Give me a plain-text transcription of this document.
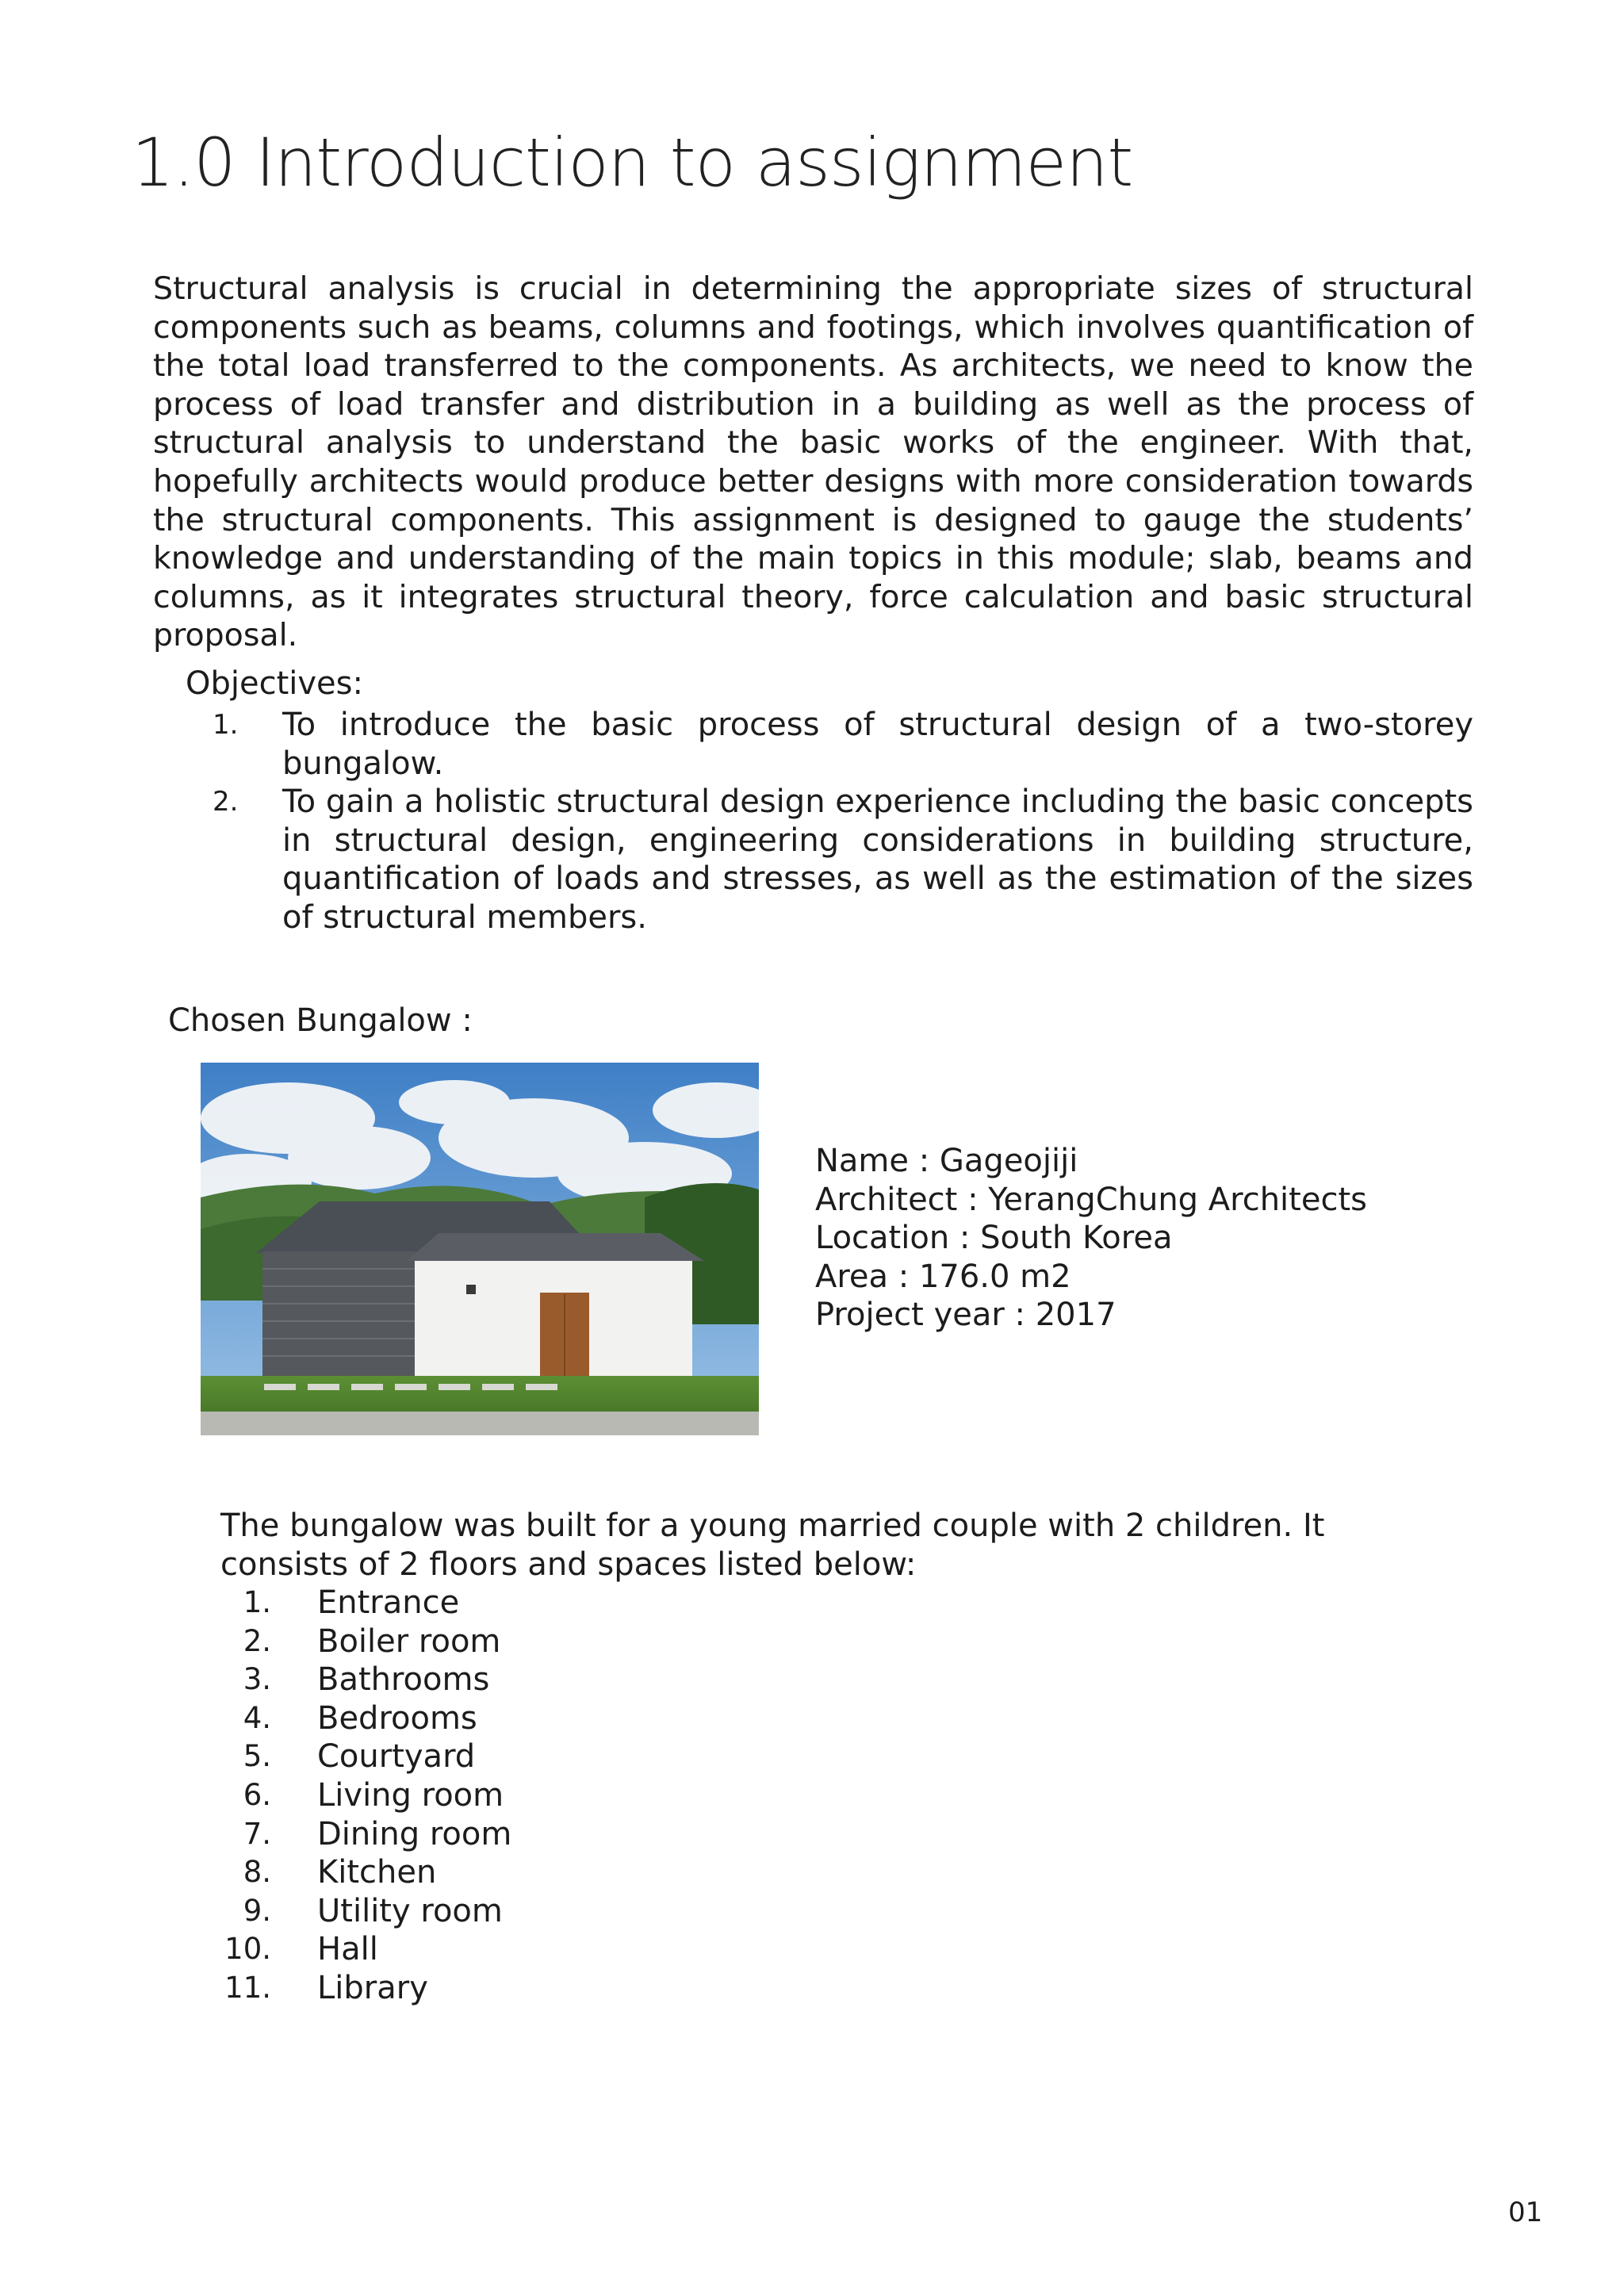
1.0 Introduction to assignment

Structural analysis is crucial in determining the appropriate sizes of structural components such as beams, columns and footings, which involves quantification of the total load transferred to the components. As architects, we need to know the process of load transfer and distribution in a building as well as the process of structural analysis to understand the basic works of the engineer. With that, hopefully architects would produce better designs with more consideration towards the structural components. This assignment is designed to gauge the students’ knowledge and understanding of the main topics in this module; slab, beams and columns, as it integrates structural theory, force calculation and basic structural proposal.

Objectives:

1.	To introduce the basic process of structural design of a two-storey bungalow.
2.	To gain a holistic structural design experience including the basic concepts in structural design, engineering considerations in building structure, quantification of loads and stresses, as well as the estimation of the sizes of structural members.

Chosen Bungalow :

Name : Gageojiji
Architect : YerangChung Architects
Location : South Korea
Area : 176.0 m2
Project year : 2017

The bungalow was built for a young married couple with 2 children. It consists of 2 floors and spaces listed below:

1.	Entrance
2.	Boiler room
3.	Bathrooms
4.	Bedrooms
5.	Courtyard
6.	Living room
7.	Dining room
8.	Kitchen
9.	Utility room
10.	Hall
11.	Library
01
